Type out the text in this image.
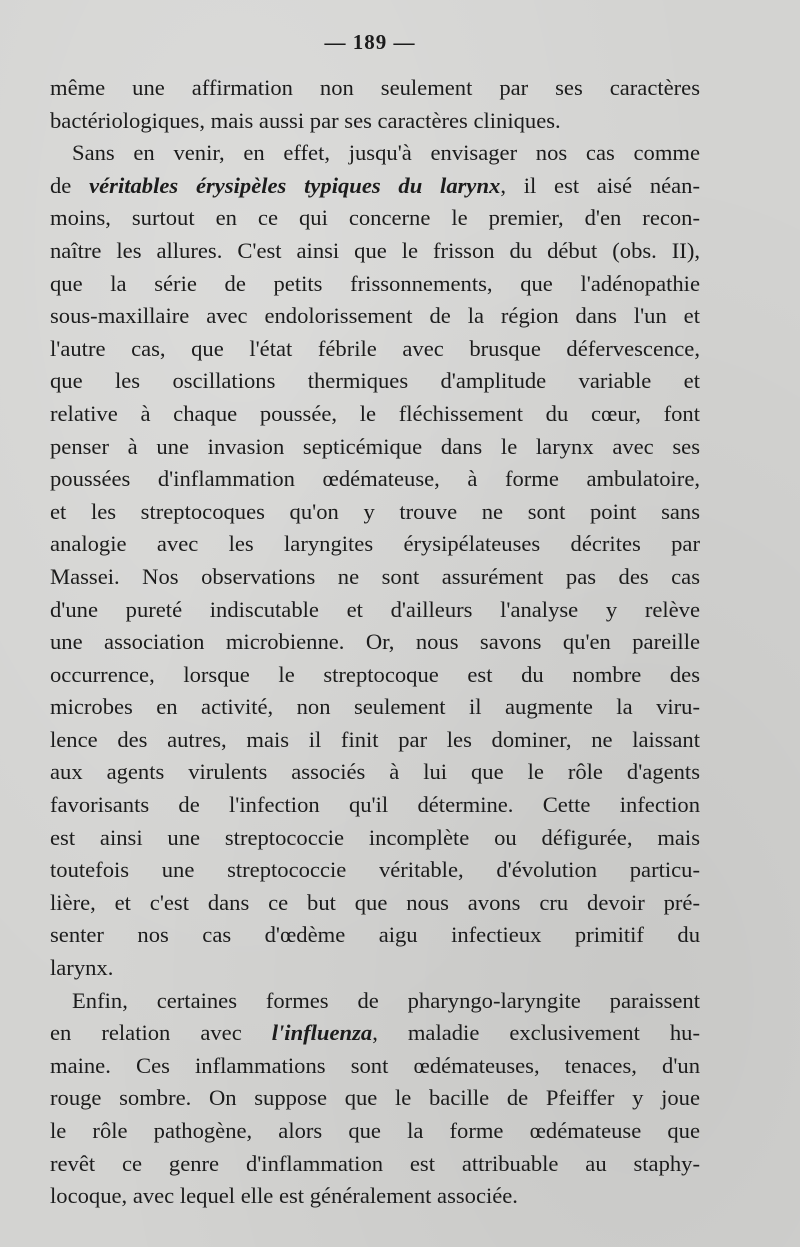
— 189 —
même une affirmation non seulement par ses caractères
bactériologiques, mais aussi par ses caractères cliniques.
Sans en venir, en effet, jusqu'à envisager nos cas comme
de véritables érysipèles typiques du larynx, il est aisé néan-
moins, surtout en ce qui concerne le premier, d'en recon-
naître les allures. C'est ainsi que le frisson du début (obs. II),
que la série de petits frissonnements, que l'adénopathie
sous-maxillaire avec endolorissement de la région dans l'un et
l'autre cas, que l'état fébrile avec brusque défervescence,
que les oscillations thermiques d'amplitude variable et
relative à chaque poussée, le fléchissement du cœur, font
penser à une invasion septicémique dans le larynx avec ses
poussées d'inflammation œdémateuse, à forme ambulatoire,
et les streptocoques qu'on y trouve ne sont point sans
analogie avec les laryngites érysipélateuses décrites par
Massei. Nos observations ne sont assurément pas des cas
d'une pureté indiscutable et d'ailleurs l'analyse y relève
une association microbienne. Or, nous savons qu'en pareille
occurrence, lorsque le streptocoque est du nombre des
microbes en activité, non seulement il augmente la viru-
lence des autres, mais il finit par les dominer, ne laissant
aux agents virulents associés à lui que le rôle d'agents
favorisants de l'infection qu'il détermine. Cette infection
est ainsi une streptococcie incomplète ou défigurée, mais
toutefois une streptococcie véritable, d'évolution particu-
lière, et c'est dans ce but que nous avons cru devoir pré-
senter nos cas d'œdème aigu infectieux primitif du
larynx.
Enfin, certaines formes de pharyngo-laryngite paraissent
en relation avec l'influenza, maladie exclusivement hu-
maine. Ces inflammations sont œdémateuses, tenaces, d'un
rouge sombre. On suppose que le bacille de Pfeiffer y joue
le rôle pathogène, alors que la forme œdémateuse que
revêt ce genre d'inflammation est attribuable au staphy-
locoque, avec lequel elle est généralement associée.
